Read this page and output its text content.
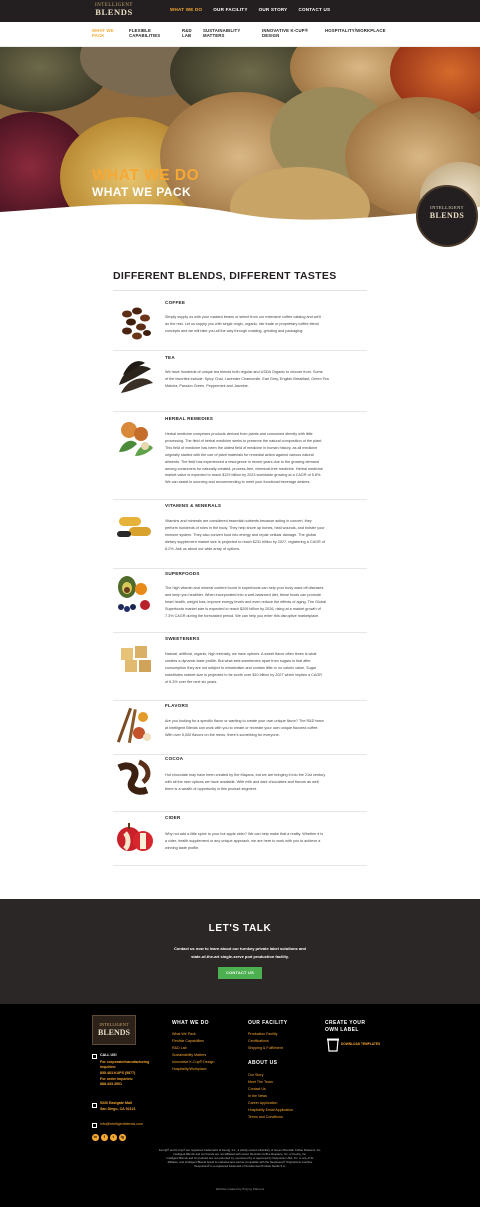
INTELLIGENT
BLENDS	WHAT WE DO OUR FACILITY OUR STORY CONTACT US
WHAT WE
PACK
FLEXIBLE
CAPABILITIES
R&D
LAB
SUSTAINABILITY
MATTERS
INNOVATIVE K-CUP®
DESIGN
HOSPITALITY/WORKPLACE
WHAT WE DO
WHAT WE PACK
INTELLIGENT
BLENDS
DIFFERENT BLENDS, DIFFERENT TASTES
COFFEE
Simply supply us with your roasted beans or select from our extensive coffee catalog and we'll
do the rest. Let us supply you with single origin, organic, fair trade or proprietary coffee blend
concepts and we will take you all the way through roasting, grinding and packaging.
TEA
We have hundreds of unique tea blends both regular and USDA Organic to choose from. Some
of the favorites include: Spicy Chai, Lavender Chamomile, Earl Grey, English Breakfast, Green Tea
Matcha, Passion Green, Peppermint and Jasmine.
HERBAL REMEDIES
Herbal medicine comprises products derived from plants and consumed directly with little
processing. The field of herbal medicine seeks to preserve the natural composition of the plant.
This field of medicine has been the oldest field of medicine in human history, as all medicine
originally started with the use of plant materials for remedial action against various natural
ailments. The field has experienced a resurgence in recent years due to the growing demand
among consumers for naturally-created, process-free, chemical-free medicine. Herbal medicine
market value is expected to reach $129 billion by 2023 worldwide growing at a CAGR of 5.8%.
We can assist in sourcing and recommending to meet your functional beverage desires.
VITAMINS & MINERALS
Vitamins and minerals are considered essential nutrients because acting in concert, they
perform hundreds of roles in the body. They help shore up bones, heal wounds, and bolster your
immune system. They also convert food into energy and repair cellular damage. The global
dietary supplement market size is projected to reach $231 billion by 2027, registering a CAGR of
8.2%. Ask us about our wide array of options.
SUPERFOODS
The high vitamin and mineral content found in superfoods can help your body ward off diseases
and keep you healthier. When incorporated into a well-balanced diet, these foods can promote
heart health, weight loss, improve energy levels and even reduce the effects of aging. The Global
Superfoods market size is expected to reach $209 billion by 2026, rising at a market growth of
7.3% CAGR during the forecasted period. We can help you enter this disruptive marketplace.
SWEETENERS
Natural, artificial, organic, high intensity, we have options. A sweet flavor often times is what
creates a dynamic taste profile. But what sets sweeteners apart from sugars is that after
consumption they are not subject to metabolism and contain little or no caloric value. Sugar
substitutes market size is projected to be worth over $10 billion by 2027 which implies a CAGR
of 6.3% over the next six years.
FLAVORS
Are you looking for a specific flavor or wanting to create your own unique flavor? The R&D team
at Intelligent Blends can work with you to create or recreate your own unique flavored coffee.
With over 5,000 flavors on the menu, there's something for everyone.
COCOA
Hot chocolate may have been created by the Mayans, but we are bringing it into the 21st century
with all the new options we have available. With milk and dark chocolates and flavors as well,
there is a wealth of opportunity in this product segment.
CIDER
Why not add a little spice to your hot apple cider? We can help make that a reality. Whether it is
a cider, health supplement or any unique approach, we are here to work with you to achieve a
winning taste profile.
LET'S TALK
Contact us now to learn about our turnkey private label solutions and
state-of-the-art single-serve pod production facility.
CONTACT US
INTELLIGENT
BLENDS
CALL US!
For corporate/manufacturing
inquiries:
855.463.KUPS (5877)
For order inquiries:
888.433.3901
5330 Eastgate Mall
San Diego, CA 92121
info@intelligentblends.com
in	f	t	ig
WHAT WE DO
What We Pack
Flexible Capabilities
R&D Lab
Sustainability Matters
Innovative K-Cup® Design
Hospitality/Workplace
OUR FACILITY
Production Facility
Certifications
Shipping & Fulfillment
ABOUT US
Our Story
Meet The Team
Contact Us
In the News
Career Application
Hospitality Email Application
Terms and Conditions
CREATE YOUR
OWN LABEL
DOWNLOAD TEMPLATES
Keurig® and K-Cup® are registered trademarks of Keurig, Inc., a wholly owned subsidiary of Green Mountain Coffee Roasters, Inc.
Intelligent Blends and our brands are not affiliated with Green Mountain Coffee Roasters, Inc. or Keurig, Inc.
Intelligent Blends and its products are not endorsed by, sponsored by or approved by Nespresso USA, Inc. or any of its
affiliates, and Intelligent Blends brand is marketed and sold as compatible with the Nespresso® OriginalLine machine
Nespresso® is a registered trademark of Société des Produits Nestlé S.A.
Website created by Polymy Partners
